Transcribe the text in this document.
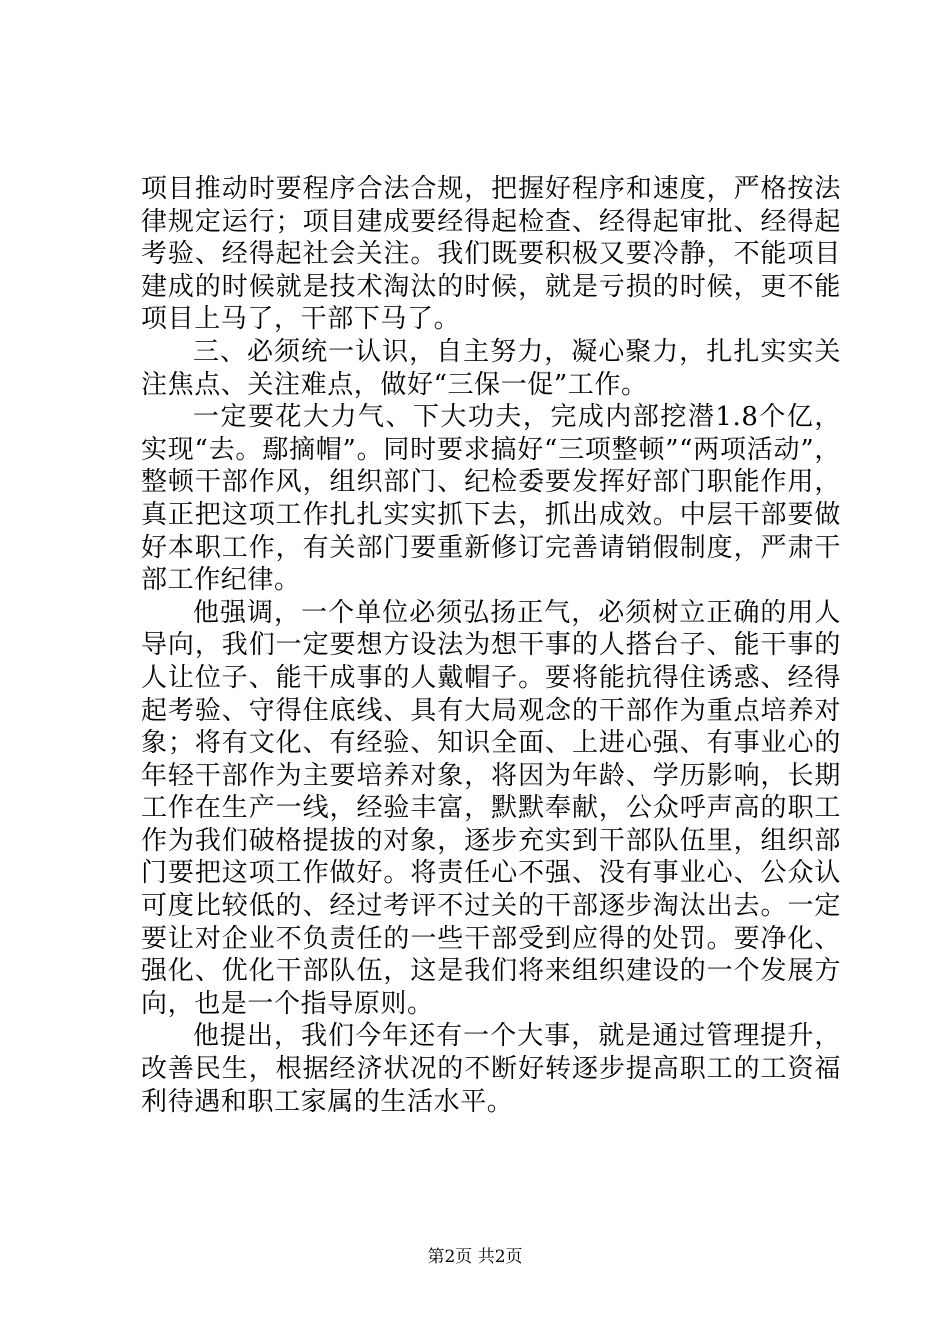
项目推动时要程序合法合规，把握好程序和速度，严格按法律规定运行；项目建成要经得起检查、经得起审批、经得起考验、经得起社会关注。我们既要积极又要冷静，不能项目建成的时候就是技术淘汰的时候，就是亏损的时候，更不能项目上马了，干部下马了。

三、必须统一认识，自主努力，凝心聚力，扎扎实实关注焦点、关注难点，做好“三保一促”工作。

一定要花大力气、下大功夫，完成内部挖潜1.8个亿，实现“去。鄢摘帽”。同时要求搞好“三项整顿”“两项活动”，整顿干部作风，组织部门、纪检委要发挥好部门职能作用，真正把这项工作扎扎实实抓下去，抓出成效。中层干部要做好本职工作，有关部门要重新修订完善请销假制度，严肃干部工作纪律。

他强调，一个单位必须弘扬正气，必须树立正确的用人导向，我们一定要想方设法为想干事的人搭台子、能干事的人让位子、能干成事的人戴帽子。要将能抗得住诱惑、经得起考验、守得住底线、具有大局观念的干部作为重点培养对象；将有文化、有经验、知识全面、上进心强、有事业心的年轻干部作为主要培养对象，将因为年龄、学历影响，长期工作在生产一线，经验丰富，默默奉献，公众呼声高的职工作为我们破格提拔的对象，逐步充实到干部队伍里，组织部门要把这项工作做好。将责任心不强、没有事业心、公众认可度比较低的、经过考评不过关的干部逐步淘汰出去。一定要让对企业不负责任的一些干部受到应得的处罚。要净化、强化、优化干部队伍，这是我们将来组织建设的一个发展方向，也是一个指导原则。

他提出，我们今年还有一个大事，就是通过管理提升，改善民生，根据经济状况的不断好转逐步提高职工的工资福利待遇和职工家属的生活水平。

第2页 共2页
